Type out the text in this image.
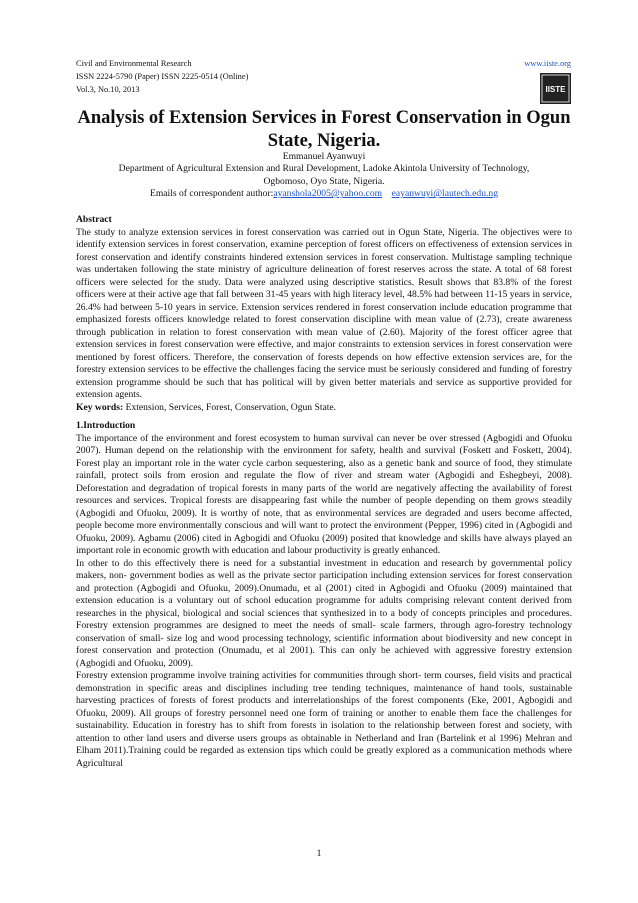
Civil and Environmental Research
ISSN 2224-5790 (Paper) ISSN 2225-0514 (Online)
Vol.3, No.10, 2013
www.iiste.org
IISTE
Analysis of Extension Services in Forest Conservation in Ogun State, Nigeria.
Emmanuel Ayanwuyi
Department of Agricultural Extension and Rural Development, Ladoke Akintola University of Technology,
Ogbomoso, Oyo State, Nigeria.
Emails of correspondent author:ayanshola2005@yahoo.com eayanwuyi@lautech.edu.ng

Abstract

The study to analyze extension services in forest conservation was carried out in Ogun State, Nigeria. The objectives were to identify extension services in forest conservation, examine perception of forest officers on effectiveness of extension services in forest conservation and identify constraints hindered extension services in forest conservation. Multistage sampling technique was undertaken following the state ministry of agriculture delineation of forest reserves across the state. A total of 68 forest officers were selected for the study. Data were analyzed using descriptive statistics. Result shows that 83.8% of the forest officers were at their active age that fall between 31-45 years with high literacy level, 48.5% had between 11-15 years in service, 26.4% had between 5-10 years in service. Extension services rendered in forest conservation include education programme that emphasized forests officers knowledge related to forest conservation discipline with mean value of (2.73), create awareness through publication in relation to forest conservation with mean value of (2.60). Majority of the forest officer agree that extension services in forest conservation were effective, and major constraints to extension services in forest conservation were mentioned by forest officers. Therefore, the conservation of forests depends on how effective extension services are, for the forestry extension services to be effective the challenges facing the service must be seriously considered and funding of forestry extension programme should be such that has political will by given better materials and service as supportive provided for extension agents.

Key words: Extension, Services, Forest, Conservation, Ogun State.

1.Introduction

The importance of the environment and forest ecosystem to human survival can never be over stressed (Agbogidi and Ofuoku 2007). Human depend on the relationship with the environment for safety, health and survival (Foskett and Foskett, 2004). Forest play an important role in the water cycle carbon sequestering, also as a genetic bank and source of food, they stimulate rainfall, protect soils from erosion and regulate the flow of river and stream water (Agbogidi and Eshegbeyi, 2008). Deforestation and degradation of tropical forests in many parts of the world are negatively affecting the availability of forest resources and services. Tropical forests are disappearing fast while the number of people depending on them grows steadily (Agbogidi and Ofuoku, 2009). It is worthy of note, that as environmental services are degraded and users become affected, people become more environmentally conscious and will want to protect the environment (Pepper, 1996) cited in (Agbogidi and Ofuoku, 2009). Agbamu (2006) cited in Agbogidi and Ofuoku (2009) posited that knowledge and skills have always played an important role in economic growth with education and labour productivity is greatly enhanced.

In other to do this effectively there is need for a substantial investment in education and research by governmental policy makers, non- government bodies as well as the private sector participation including extension services for forest conservation and protection (Agbogidi and Ofuoku, 2009).Onumadu, et al (2001) cited in Agbogidi and Ofuoku (2009) maintained that extension education is a voluntary out of school education programme for adults comprising relevant content derived from researches in the physical, biological and social sciences that synthesized in to a body of concepts principles and procedures. Forestry extension programmes are designed to meet the needs of small- scale farmers, through agro-forestry technology conservation of small- size log and wood processing technology, scientific information about biodiversity and new concept in forest conservation and protection (Onumadu, et al 2001). This can only be achieved with aggressive forestry extension (Agbogidi and Ofuoku, 2009).

Forestry extension programme involve training activities for communities through short- term courses, field visits and practical demonstration in specific areas and disciplines including tree tending techniques, maintenance of hand tools, sustainable harvesting practices of forests of forest products and interrelationships of the forest components (Eke, 2001, Agbogidi and Ofuoku, 2009). All groups of forestry personnel need one form of training or another to enable them face the challenges for sustainability. Education in forestry has to shift from forests in isolation to the relationship between forest and society, with attention to other land users and diverse users groups as obtainable in Netherland and Iran (Bartelink et al 1996) Mehran and Elham 2011).Training could be regarded as extension tips which could be greatly explored as a communication methods where Agricultural

1
